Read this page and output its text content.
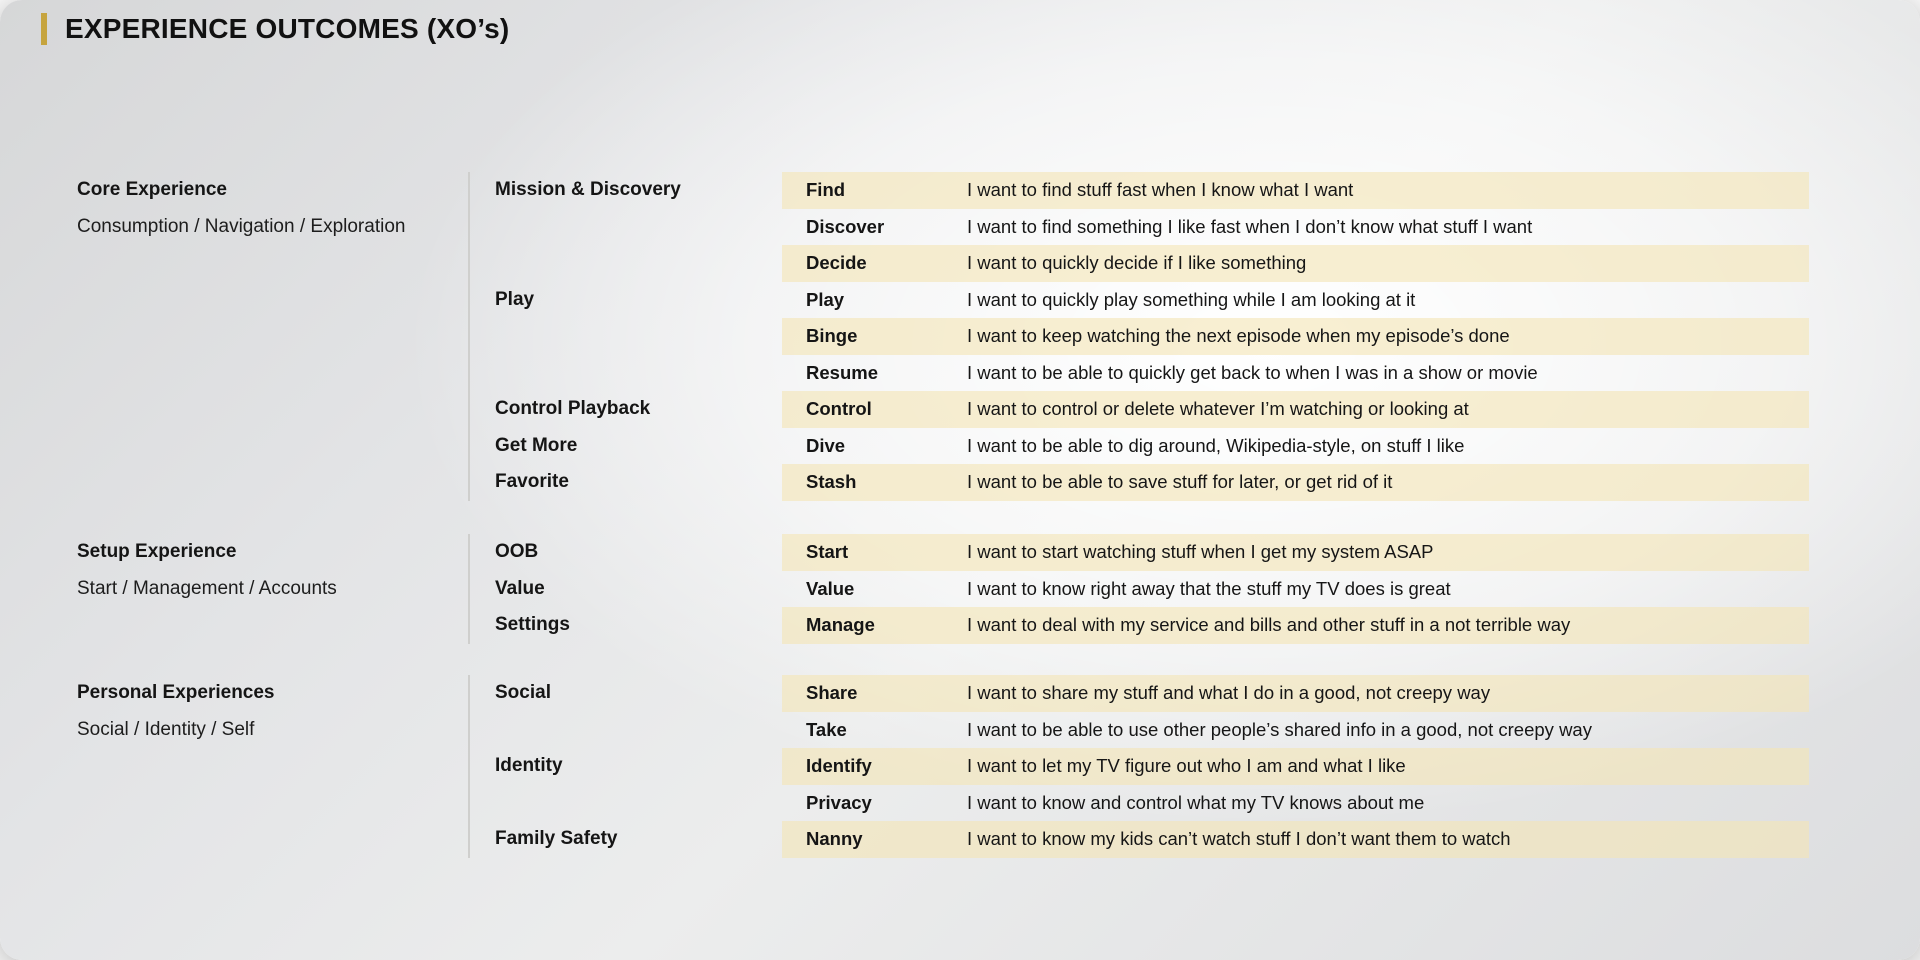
EXPERIENCE OUTCOMES (XO’s)
Core Experience
Consumption / Navigation / Exploration
Mission & Discovery	Find	I want to find stuff fast when I know what I want
Discover	I want to find something I like fast when I don’t know what stuff I want
Decide	I want to quickly decide if I like something
Play	Play	I want to quickly play something while I am looking at it
Binge	I want to keep watching the next episode when my episode’s done
Resume	I want to be able to quickly get back to when I was in a show or movie
Control Playback	Control	I want to control or delete whatever I’m watching or looking at
Get More	Dive	I want to be able to dig around, Wikipedia-style, on stuff I like
Favorite	Stash	I want to be able to save stuff for later, or get rid of it
Setup Experience
Start / Management / Accounts
OOB	Start	I want to start watching stuff when I get my system ASAP
Value	Value	I want to know right away that the stuff my TV does is great
Settings	Manage	I want to deal with my service and bills and other stuff in a not terrible way
Personal Experiences
Social / Identity / Self
Social	Share	I want to share my stuff and what I do in a good, not creepy way
Take	I want to be able to use other people’s shared info in a good, not creepy way
Identity	Identify	I want to let my TV figure out who I am and what I like
Privacy	I want to know and control what my TV knows about me
Family Safety	Nanny	I want to know my kids can’t watch stuff I don’t want them to watch
